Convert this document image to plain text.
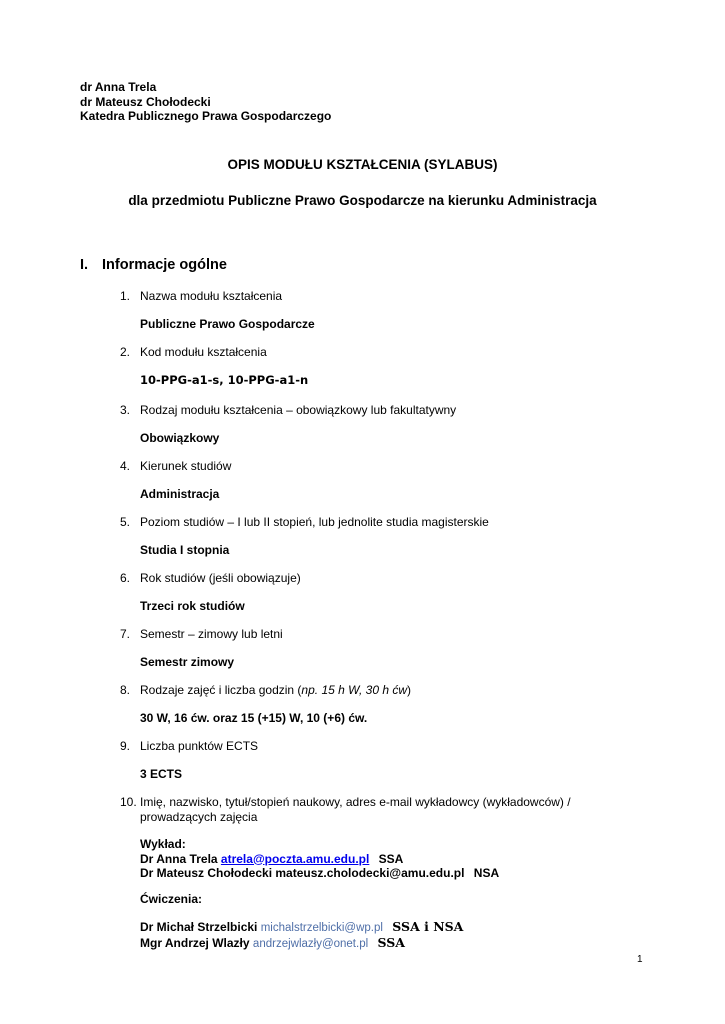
dr Anna Trela
dr Mateusz Chołodecki
Katedra Publicznego Prawa Gospodarczego
OPIS MODUŁU KSZTAŁCENIA (SYLABUS)
dla przedmiotu Publiczne Prawo Gospodarcze na kierunku Administracja
I. Informacje ogólne
1. Nazwa modułu kształcenia
Publiczne Prawo Gospodarcze
2. Kod modułu kształcenia
10-PPG-a1-s, 10-PPG-a1-n
3. Rodzaj modułu kształcenia – obowiązkowy lub fakultatywny
Obowiązkowy
4. Kierunek studiów
Administracja
5. Poziom studiów – I lub II stopień, lub jednolite studia magisterskie
Studia I stopnia
6. Rok studiów (jeśli obowiązuje)
Trzeci rok studiów
7. Semestr – zimowy lub letni
Semestr zimowy
8. Rodzaje zajęć i liczba godzin (np. 15 h W, 30 h ćw)
30 W, 16 ćw. oraz 15 (+15) W, 10 (+6) ćw.
9. Liczba punktów ECTS
3 ECTS
10. Imię, nazwisko, tytuł/stopień naukowy, adres e-mail wykładowcy (wykładowców) / prowadzących zajęcia
Wykład:
Dr Anna Trela atrela@poczta.amu.edu.pl SSA
Dr Mateusz Chołodecki mateusz.cholodecki@amu.edu.pl NSA
Ćwiczenia:
Dr Michał Strzelbicki michalstrzelbicki@wp.pl SSA i NSA
Mgr Andrzej Wlazły andrzejwlazły@onet.pl SSA
1
